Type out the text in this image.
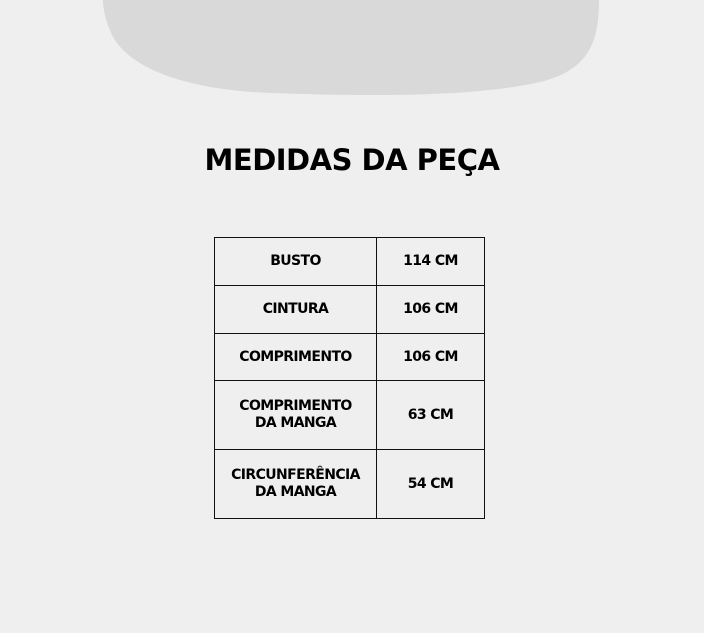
MEDIDAS DA PEÇA
BUSTO	114 CM

CINTURA	106 CM

COMPRIMENTO	106 CM

COMPRIMENTO
DA MANGA	63 CM

CIRCUNFERÊNCIA
DA MANGA	54 CM
